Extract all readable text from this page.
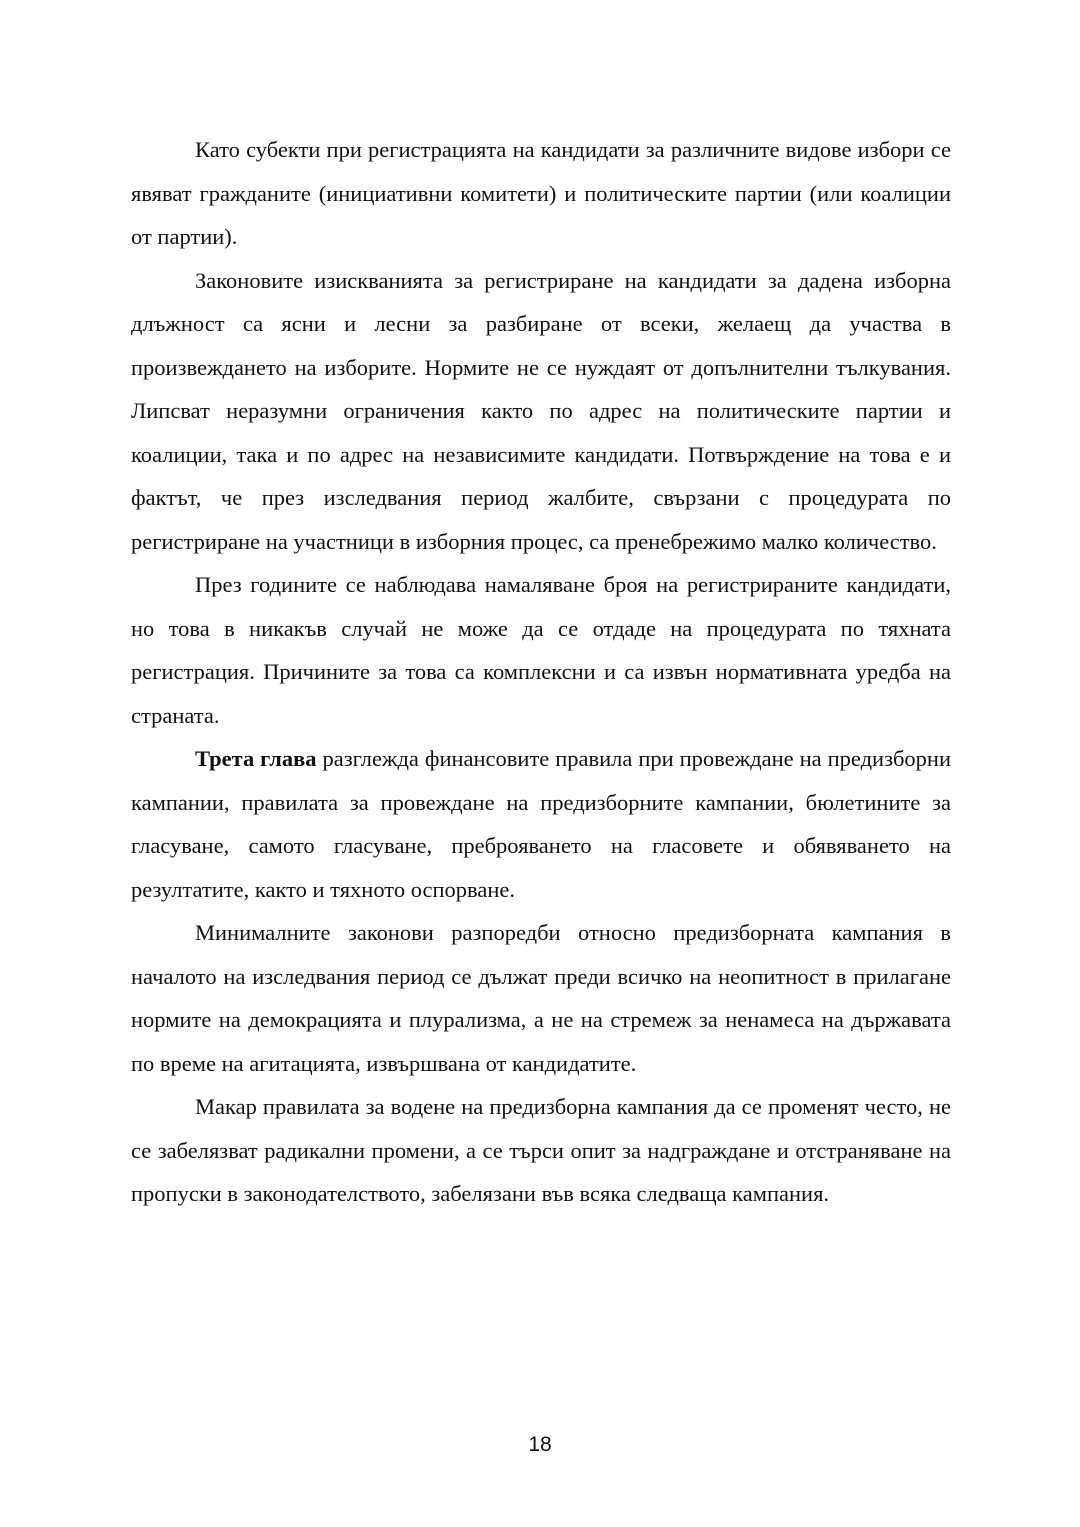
Като субекти при регистрацията на кандидати за различните видове избори се явяват гражданите (инициативни комитети) и политическите партии (или коалиции от партии).

Законовите изискванията за регистриране на кандидати за дадена изборна длъжност са ясни и лесни за разбиране от всеки, желаещ да участва в произвеждането на изборите. Нормите не се нуждаят от допълнителни тълкувания. Липсват неразумни ограничения както по адрес на политическите партии и коалиции, така и по адрес на независимите кандидати. Потвърждение на това е и фактът, че през изследвания период жалбите, свързани с процедурата по регистриране на участници в изборния процес, са пренебрежимо малко количество.

През годините се наблюдава намаляване броя на регистрираните кандидати, но това в никакъв случай не може да се отдаде на процедурата по тяхната регистрация. Причините за това са комплексни и са извън нормативната уредба на страната.

Трета глава разглежда финансовите правила при провеждане на предизборни кампании, правилата за провеждане на предизборните кампании, бюлетините за гласуване, самото гласуване, преброяването на гласовете и обявяването на резултатите, както и тяхното оспорване.

Минималните законови разпоредби относно предизборната кампания в началото на изследвания период се дължат преди всичко на неопитност в прилагане нормите на демокрацията и плурализма, а не на стремеж за ненамеса на държавата по време на агитацията, извършвана от кандидатите.

Макар правилата за водене на предизборна кампания да се променят често, не се забелязват радикални промени, а се търси опит за надграждане и отстраняване на пропуски в законодателството, забелязани във всяка следваща кампания.

18
